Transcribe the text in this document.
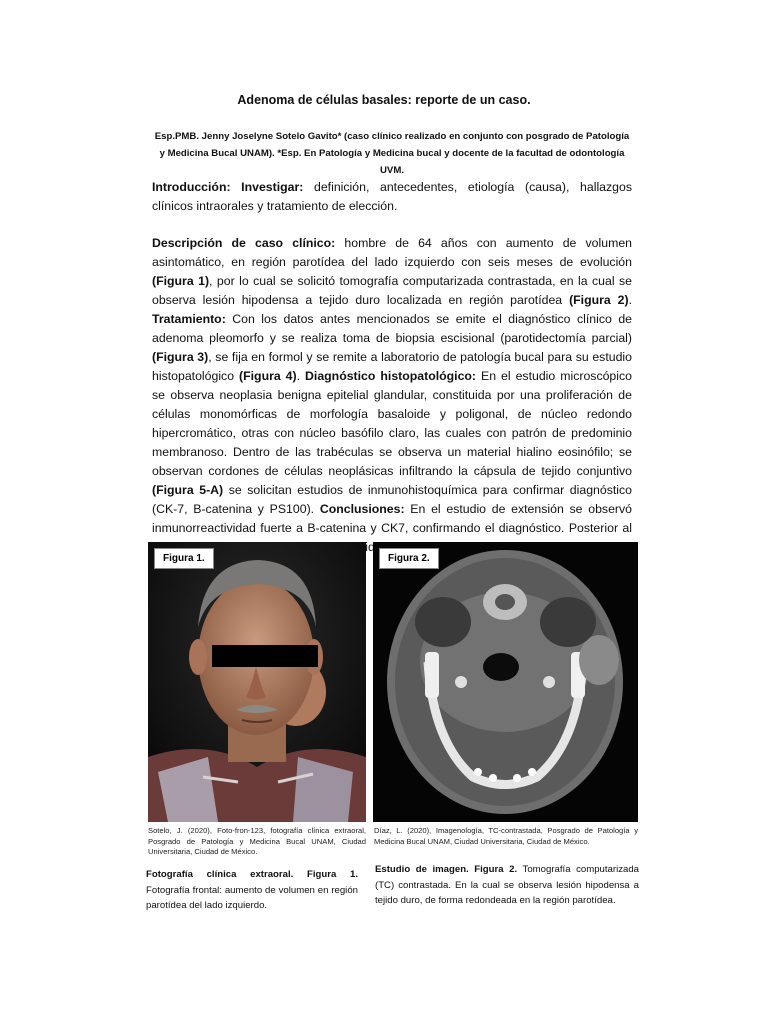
Adenoma de células basales: reporte de un caso.
Esp.PMB. Jenny Joselyne Sotelo Gavito* (caso clínico realizado en conjunto con posgrado de Patología y Medicina Bucal UNAM). *Esp. En Patología y Medicina bucal y docente de la facultad de odontología UVM.

Introducción: Investigar: definición, antecedentes, etiología (causa), hallazgos clínicos intraorales y tratamiento de elección.

Descripción de caso clínico: hombre de 64 años con aumento de volumen asintomático, en región parotídea del lado izquierdo con seis meses de evolución (Figura 1), por lo cual se solicitó tomografía computarizada contrastada, en la cual se observa lesión hipodensa a tejido duro localizada en región parotídea (Figura 2). Tratamiento: Con los datos antes mencionados se emite el diagnóstico clínico de adenoma pleomorfo y se realiza toma de biopsia escisional (parotidectomía parcial) (Figura 3), se fija en formol y se remite a laboratorio de patología bucal para su estudio histopatológico (Figura 4). Diagnóstico histopatológico: En el estudio microscópico se observa neoplasia benigna epitelial glandular, constituida por una proliferación de células monomórficas de morfología basaloide y poligonal, de núcleo redondo hipercromático, otras con núcleo basófilo claro, las cuales con patrón de predominio membranoso. Dentro de las trabéculas se observa un material hialino eosinófilo; se observan cordones de células neoplásicas infiltrando la cápsula de tejido conjuntivo (Figura 5-A) se solicitan estudios de inmunohistoquímica para confirmar diagnóstico (CK-7, B-catenina y PS100). Conclusiones: En el estudio de extensión se observó inmunorreactividad fuerte a B-catenina y CK7, confirmando el diagnóstico. Posterior al

Figura 1.	Figura 2.
Sotelo, J. (2020), Foto-fron-123, fotografía clínica extraoral, Posgrado de Patología y Medicina Bucal UNAM, Ciudad Universitaria, Ciudad de México.
Díaz, L. (2020), Imagenología, TC-contrastada, Posgrado de Patología y Medicina Bucal UNAM, Ciudad Universitaria, Ciudad de México.

Fotografía clínica extraoral. Figura 1. Fotografía frontal: aumento de volumen en región parotídea del lado izquierdo.

Estudio de imagen. Figura 2. Tomografía computarizada (TC) contrastada. En la cual se observa lesión hipodensa a tejido duro, de forma redondeada en la región parotídea.
